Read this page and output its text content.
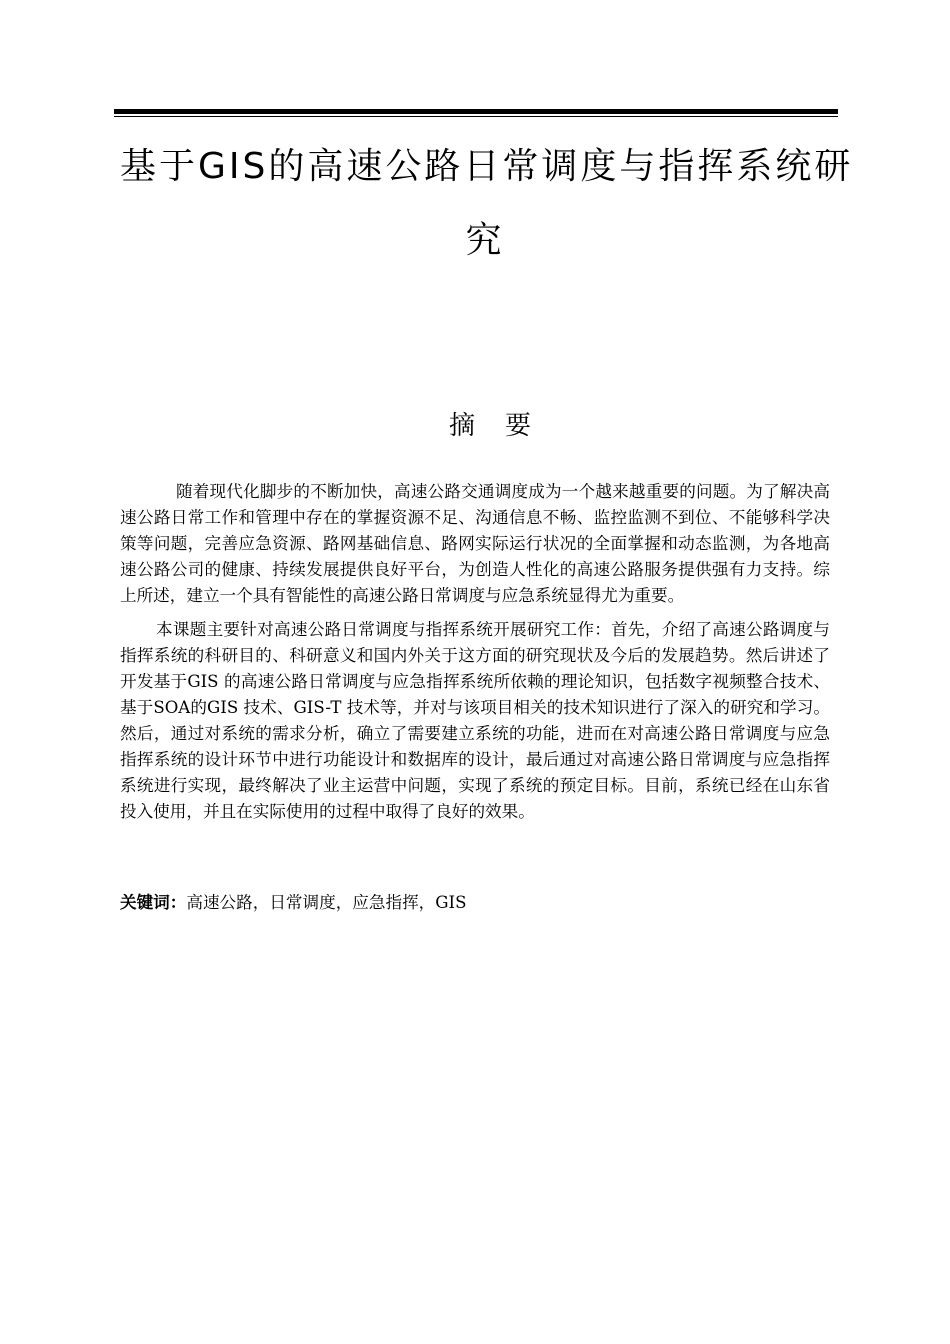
基于GIS的高速公路日常调度与指挥系统研
究
摘要

随着现代化脚步的不断加快，高速公路交通调度成为一个越来越重要的问题。为了解决高速公路日常工作和管理中存在的掌握资源不足、沟通信息不畅、监控监测不到位、不能够科学决策等问题，完善应急资源、路网基础信息、路网实际运行状况的全面掌握和动态监测，为各地高速公路公司的健康、持续发展提供良好平台，为创造人性化的高速公路服务提供强有力支持。综上所述，建立一个具有智能性的高速公路日常调度与应急系统显得尤为重要。

本课题主要针对高速公路日常调度与指挥系统开展研究工作：首先，介绍了高速公路调度与指挥系统的科研目的、科研意义和国内外关于这方面的研究现状及今后的发展趋势。然后讲述了开发基于GIS 的高速公路日常调度与应急指挥系统所依赖的理论知识，包括数字视频整合技术、基于SOA的GIS 技术、GIS-T 技术等，并对与该项目相关的技术知识进行了深入的研究和学习。然后，通过对系统的需求分析，确立了需要建立系统的功能，进而在对高速公路日常调度与应急指挥系统的设计环节中进行功能设计和数据库的设计，最后通过对高速公路日常调度与应急指挥系统进行实现，最终解决了业主运营中问题，实现了系统的预定目标。目前，系统已经在山东省投入使用，并且在实际使用的过程中取得了良好的效果。

关键词：高速公路，日常调度，应急指挥，GIS
